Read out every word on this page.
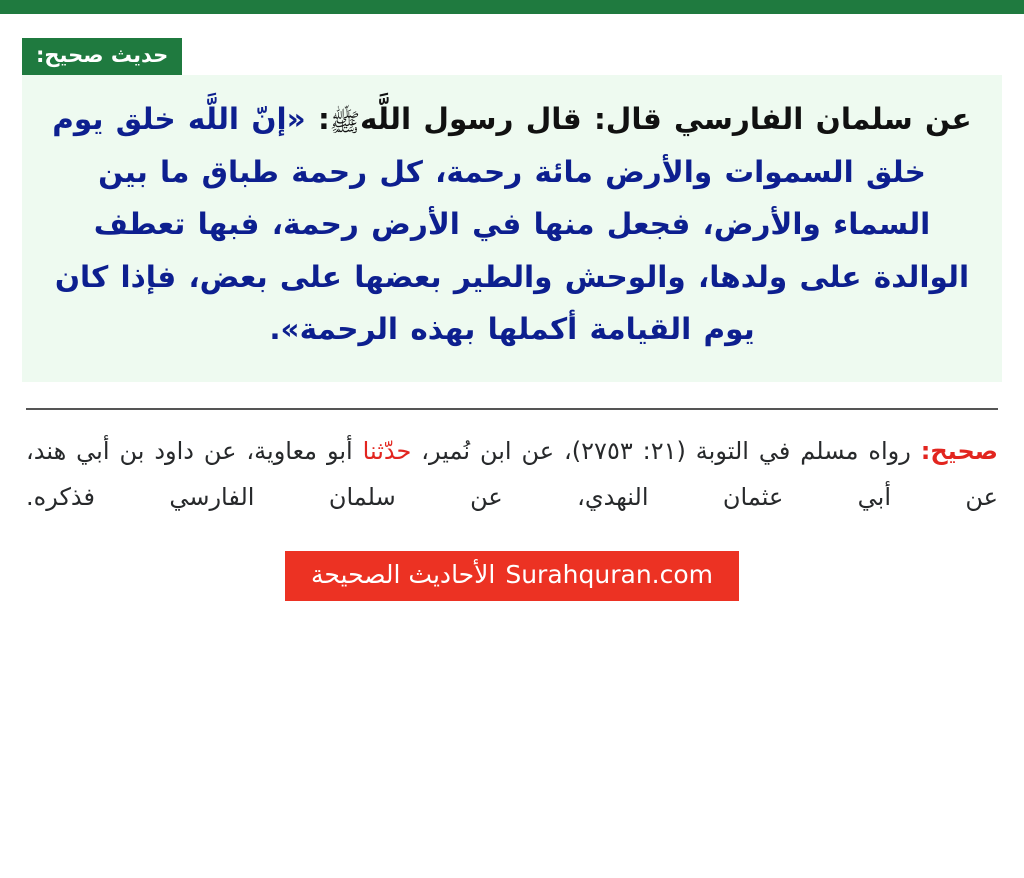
حديث صحيح:
عن سلمان الفارسي قال: قال رسول اللَّهﷺ: «إنّ اللَّه خلق يوم خلق السموات والأرض مائة رحمة، كل رحمة طباق ما بين السماء والأرض، فجعل منها في الأرض رحمة، فبها تعطف الوالدة على ولدها، والوحش والطير بعضها على بعض، فإذا كان يوم القيامة أكملها بهذه الرحمة».
صحيح: رواه مسلم في التوبة (٢١: ٢٧٥٣)، عن ابن نُمير، حدّثنا أبو معاوية، عن داود بن أبي هند، عن أبي عثمان النهدي، عن سلمان الفارسي فذكره.
Surahquran.com
الأحاديث الصحيحة
